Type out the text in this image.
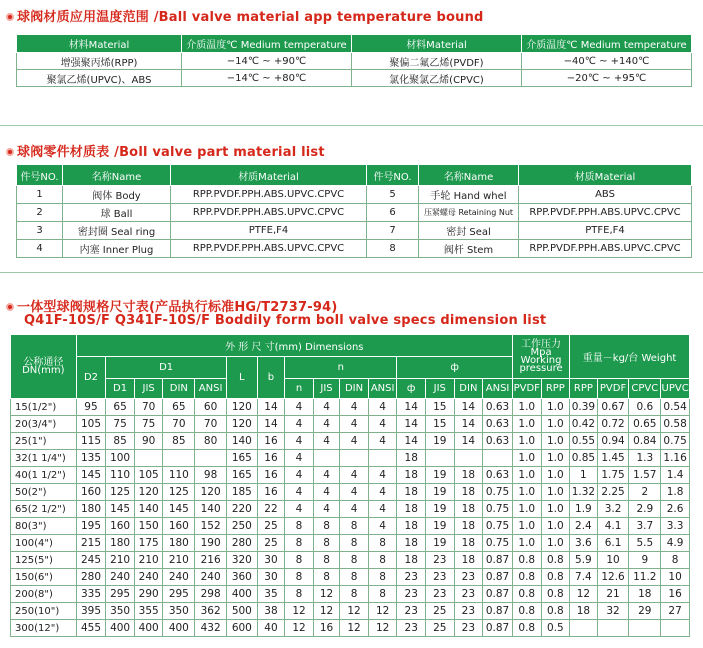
球阀材质应用温度范围 /Ball valve material app temperature bound
材料Material	介质温度℃ Medium temperature	材料Material	介质温度℃ Medium temperature
增强聚丙烯(RPP)	−14℃ ~ +90℃	聚偏二氟乙烯(PVDF)	−40℃ ~ +140℃
聚氯乙烯(UPVC)、ABS	−14℃ ~ +80℃	氯化聚氯乙烯(CPVC)	−20℃ ~ +95℃
球阀零件材质表 /Boll valve part material list
件号NO.	名称Name	材质Material	件号NO.	名称Name	材质Material
1	阀体 Body	RPP.PVDF.PPH.ABS.UPVC.CPVC	5	手轮 Hand whel	ABS
2	球 Ball	RPP.PVDF.PPH.ABS.UPVC.CPVC	6	压紧螺母 Retaining Nut	RPP.PVDF.PPH.ABS.UPVC.CPVC
3	密封圈 Seal ring	PTFE,F4	7	密封 Seal	PTFE,F4
4	内塞 Inner Plug	RPP.PVDF.PPH.ABS.UPVC.CPVC	8	阀杆 Stem	RPP.PVDF.PPH.ABS.UPVC.CPVC
一体型球阀规格尺寸表(产品执行标准HG/T2737-94)
Q41F-10S/F Q341F-10S/F Boddily form boll valve specs dimension list
公称通径 DN(mm)	外 形 尺 寸(mm) Dimensions															工作压力 Mpa Working pressure		重量－kg/台 Weight			
	D2	D1				L	b	n				ф									
		D1	JIS	DIN	ANSI			n	JIS	DIN	ANSI	ф	JIS	DIN	ANSI	PVDF	RPP	RPP	PVDF	CPVC	UPVC
15(1/2")	95	65	70	65	60	120	14	4	4	4	4	14	15	14	0.63	1.0	1.0	0.39	0.67	0.6	0.54
20(3/4")	105	75	75	70	70	120	14	4	4	4	4	14	15	14	0.63	1.0	1.0	0.42	0.72	0.65	0.58
25(1")	115	85	90	85	80	140	16	4	4	4	4	14	19	14	0.63	1.0	1.0	0.55	0.94	0.84	0.75
32(1 1/4")	135	100				165	16	4				18				1.0	1.0	0.85	1.45	1.3	1.16
40(1 1/2")	145	110	105	110	98	165	16	4	4	4	4	18	19	18	0.63	1.0	1.0	1	1.75	1.57	1.4
50(2")	160	125	120	125	120	185	16	4	4	4	4	18	19	18	0.75	1.0	1.0	1.32	2.25	2	1.8
65(2 1/2")	180	145	140	145	140	220	22	4	4	4	4	18	19	18	0.75	1.0	1.0	1.9	3.2	2.9	2.6
80(3")	195	160	150	160	152	250	25	8	8	8	4	18	19	18	0.75	1.0	1.0	2.4	4.1	3.7	3.3
100(4")	215	180	175	180	190	280	25	8	8	8	8	18	19	18	0.75	1.0	1.0	3.6	6.1	5.5	4.9
125(5")	245	210	210	210	216	320	30	8	8	8	8	18	23	18	0.87	0.8	0.8	5.9	10	9	8
150(6")	280	240	240	240	240	360	30	8	8	8	8	23	23	23	0.87	0.8	0.8	7.4	12.6	11.2	10
200(8")	335	295	290	295	298	400	35	8	12	8	8	23	23	23	0.87	0.8	0.8	12	21	18	16
250(10")	395	350	355	350	362	500	38	12	12	12	12	23	25	23	0.87	0.8	0.8	18	32	29	27
300(12")	455	400	400	400	432	600	40	12	16	12	12	23	25	23	0.87	0.8	0.5				
